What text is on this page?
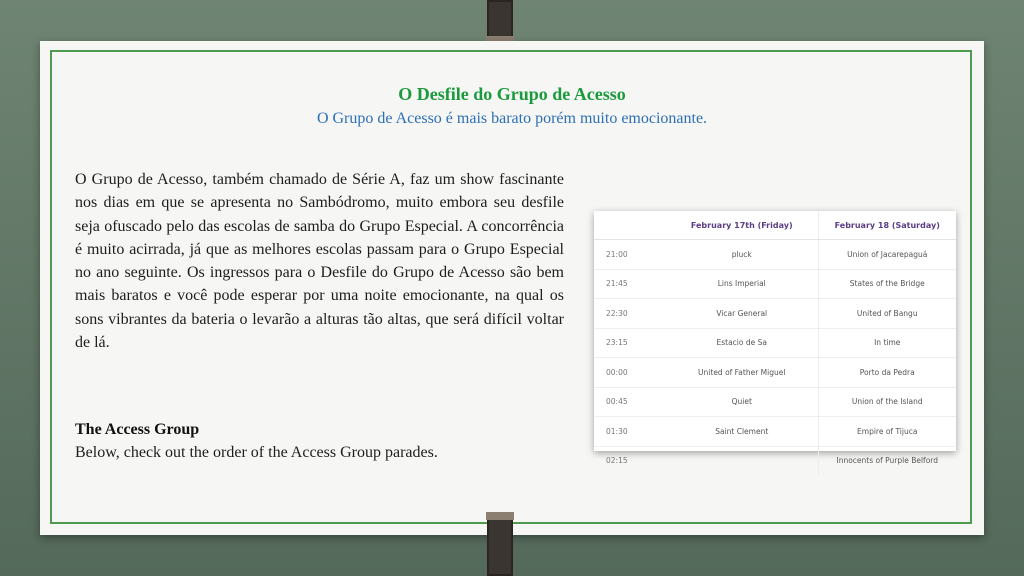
O Desfile do Grupo de Acesso
O Grupo de Acesso é mais barato porém muito emocionante.
O Grupo de Acesso, também chamado de Série A, faz um show fascinante nos dias em que se apresenta no Sambódromo, muito embora seu desfile seja ofuscado pelo das escolas de samba do Grupo Especial. A concorrência é muito acirrada, já que as melhores escolas passam para o Grupo Especial no ano seguinte. Os ingressos para o Desfile do Grupo de Acesso são bem mais baratos e você pode esperar por uma noite emocionante, na qual os sons vibrantes da bateria o levarão a alturas tão altas, que será difícil voltar de lá.
The Access Group
Below, check out the order of the Access Group parades.
	February 17th (Friday)	February 18 (Saturday)
21:00	pluck	Union of Jacarepaguá
21:45	Lins Imperial	States of the Bridge
22:30	Vicar General	United of Bangu
23:15	Estacio de Sa	In time
00:00	United of Father Miguel	Porto da Pedra
00:45	Quiet	Union of the Island
01:30	Saint Clement	Empire of Tijuca
02:15		Innocents of Purple Belford
